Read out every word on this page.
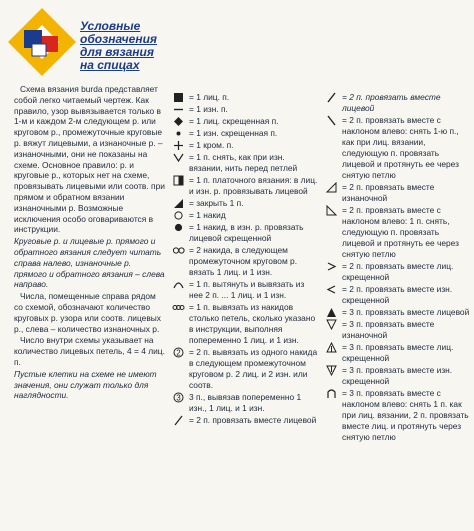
Условные
обозначения
для вязания
на спицах

Схема вязания burda представляет собой легко читаемый чертеж. Как правило, узор вывязывается только в 1-м и каждом 2-м следующем р. или круговом р., промежуточные круговые р. вяжут лицевыми, а изнаночные р. – изнаночными, они не показаны на схеме. Основное правило: р. и круговые р., которых нет на схеме, провязывать лицевыми или соотв. при прямом и обратном вязании изнаночными р. Возможные исключения особо оговариваются в инструкции.

Круговые р. и лицевые р. прямого и обратного вязания следует читать справа налево, изнаночные р. прямого и обратного вязания – слева направо.

Числа, помещенные справа рядом со схемой, обозначают количество круговых р. узора или соотв. лицевых р., слева – количество изнаночных р.

Число внутри схемы указывает на количество лицевых петель, 4 = 4 лиц. п.

Пустые клетки на схеме не имеют значения, они служат только для наглядности.

= 1 лиц. п.
= 1 изн. п.
= 1 лиц. скрещенная п.
= 1 изн. скрещенная п.
= 1 кром. п.
= 1 п. снять, как при изн. вязании, нить перед петлей
= 1 п. платочного вязания: в лиц. и изн. р. провязывать лицевой
= закрыть 1 п.
= 1 накид
= 1 накид, в изн. р. провязать лицевой скрещенной
= 2 накида, в следующем промежуточном круговом р. вязать 1 лиц. и 1 изн.
= 1 п. вытянуть и вывязать из нее 2 п. ... 1 лиц. и 1 изн.
= 1 п. вывязать из накидов столько петель, сколько указано в инструкции, выполняя попеременно 1 лиц. и 1 изн.
2 = 2 п. вывязать из одного накида в следующем промежуточном круговом р. 2 лиц. и 2 изн. или соотв.
3 3 п., вывязав попеременно 1 изн., 1 лиц. и 1 изн.
= 2 п. провязать вместе лицевой
= 2 п. провязать вместе лицевой
= 2 п. провязать вместе с наклоном влево: снять 1-ю п., как при лиц. вязании, следующую п. провязать лицевой и протянуть ее через снятую петлю
= 2 п. провязать вместе изнаночной
= 2 п. провязать вместе с наклоном влево: 1 п. снять, следующую п. провязать лицевой и протянуть ее через снятую петлю
= 2 п. провязать вместе лиц. скрещенной
= 2 п. провязать вместе изн. скрещенной
= 3 п. провязать вместе лицевой
= 3 п. провязать вместе изнаночной
= 3 п. провязать вместе лиц. скрещенной
= 3 п. провязать вместе изн. скрещенной
= 3 п. провязать вместе с наклоном влево: снять 1 п. как при лиц. вязании, 2 п. провязать вместе лиц. и протянуть через снятую петлю
